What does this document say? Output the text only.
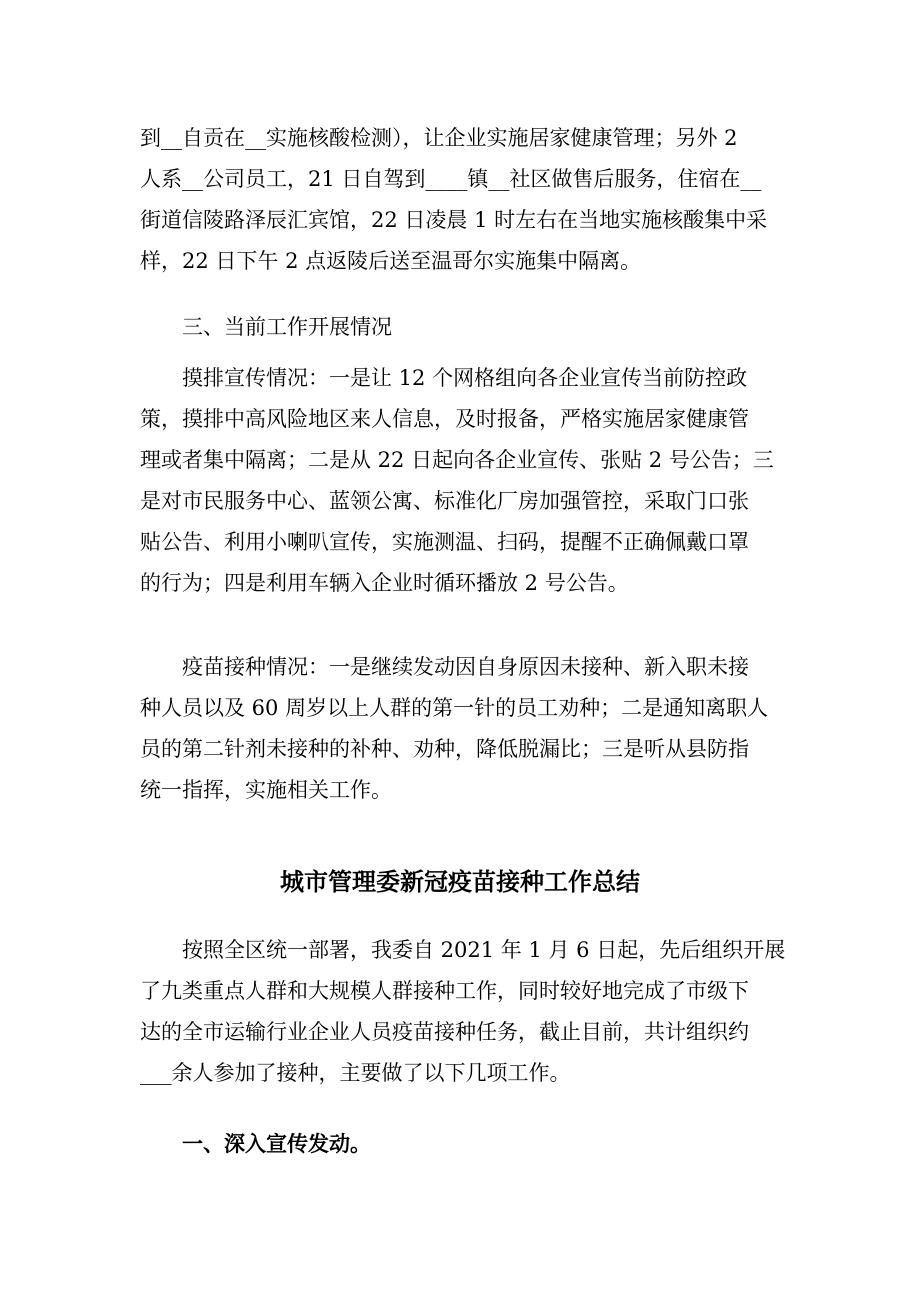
到__自贡在__实施核酸检测），让企业实施居家健康管理；另外 2
人系__公司员工，21 日自驾到____镇__社区做售后服务，住宿在__
街道信陵路泽辰汇宾馆，22 日凌晨 1 时左右在当地实施核酸集中采
样，22 日下午 2 点返陵后送至温哥尔实施集中隔离。
三、当前工作开展情况
摸排宣传情况：一是让 12 个网格组向各企业宣传当前防控政
策，摸排中高风险地区来人信息，及时报备，严格实施居家健康管
理或者集中隔离；二是从 22 日起向各企业宣传、张贴 2 号公告；三
是对市民服务中心、蓝领公寓、标准化厂房加强管控，采取门口张
贴公告、利用小喇叭宣传，实施测温、扫码，提醒不正确佩戴口罩
的行为；四是利用车辆入企业时循环播放 2 号公告。
疫苗接种情况：一是继续发动因自身原因未接种、新入职未接
种人员以及 60 周岁以上人群的第一针的员工劝种；二是通知离职人
员的第二针剂未接种的补种、劝种，降低脱漏比；三是听从县防指
统一指挥，实施相关工作。
城市管理委新冠疫苗接种工作总结
按照全区统一部署，我委自 2021 年 1 月 6 日起，先后组织开展
了九类重点人群和大规模人群接种工作，同时较好地完成了市级下
达的全市运输行业企业人员疫苗接种任务，截止目前，共计组织约
___余人参加了接种，主要做了以下几项工作。
一、深入宣传发动。
